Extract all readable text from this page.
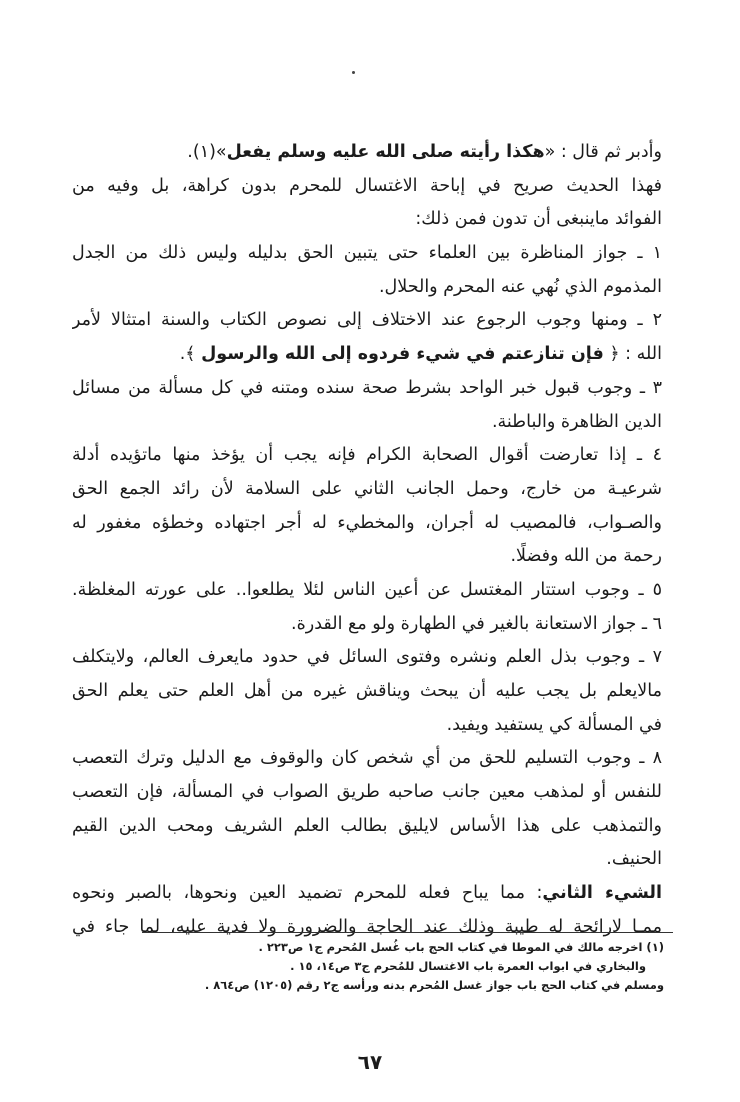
وأدبر ثم قال : «هكذا رأيته صلى الله عليه وسلم يفعل»(١).
فهذا الحديث صريح في إباحة الاغتسال للمحرم بدون كراهة، بل وفيه من
الفوائد ماينبغى أن تدون فمن ذلك:
١ ـ جواز المناظرة بين العلماء حتى يتبين الحق بدليله وليس ذلك من الجدل
المذموم الذي نُهي عنه المحرم والحلال.
٢ ـ ومنها وجوب الرجوع عند الاختلاف إلى نصوص الكتاب والسنة امتثالا لأمر
الله : ﴿ فإن تنازعتم في شيء فردوه إلى الله والرسول ﴾.
٣ ـ وجوب قبول خبر الواحد بشرط صحة سنده ومتنه في كل مسألة من مسائل
الدين الظاهرة والباطنة.
٤ ـ إذا تعارضت أقوال الصحابة الكرام فإنه يجب أن يؤخذ منها ماتؤيده أدلة
شرعيـة من خارج، وحمل الجانب الثاني على السلامة لأن رائد الجمع الحق
والصـواب، فالمصيب له أجران، والمخطيء له أجر اجتهاده وخطؤه مغفور له
رحمة من الله وفضلًا.
٥ ـ وجوب استتار المغتسل عن أعين الناس لئلا يطلعوا.. على عورته المغلظة.
٦ ـ جواز الاستعانة بالغير في الطهارة ولو مع القدرة.
٧ ـ وجوب بذل العلم ونشره وفتوى السائل في حدود مايعرف العالم، ولايتكلف
مالايعلم بل يجب عليه أن يبحث ويناقش غيره من أهل العلم حتى يعلم الحق
في المسألة كي يستفيد ويفيد.
٨ ـ وجوب التسليم للحق من أي شخص كان والوقوف مع الدليل وترك التعصب
للنفس أو لمذهب معين جانب صاحبه طريق الصواب في المسألة، فإن التعصب
والتمذهب على هذا الأساس لايليق بطالب العلم الشريف ومحب الدين القيم
الحنيف.
الشيء الثاني: مما يباح فعله للمحرم تضميد العين ونحوها، بالصبر ونحوه
ممـا لارائحة له طيبة وذلك عند الحاجة والضرورة ولا فدية عليه، لما جاء في
(١) اخرجه مالك في الموطا في كتاب الحج باب غُسل المُحرم ج١ ص٢٢٣ .
والبخاري في ابواب العمرة باب الاغتسال للمُحرم ج٣ ص١٤، ١٥ .
ومسلم في كتاب الحج باب جواز غسل المُحرم بدنه ورأسه ج٢ رقم (١٢٠٥) ص٨٦٤ .
٦٧
